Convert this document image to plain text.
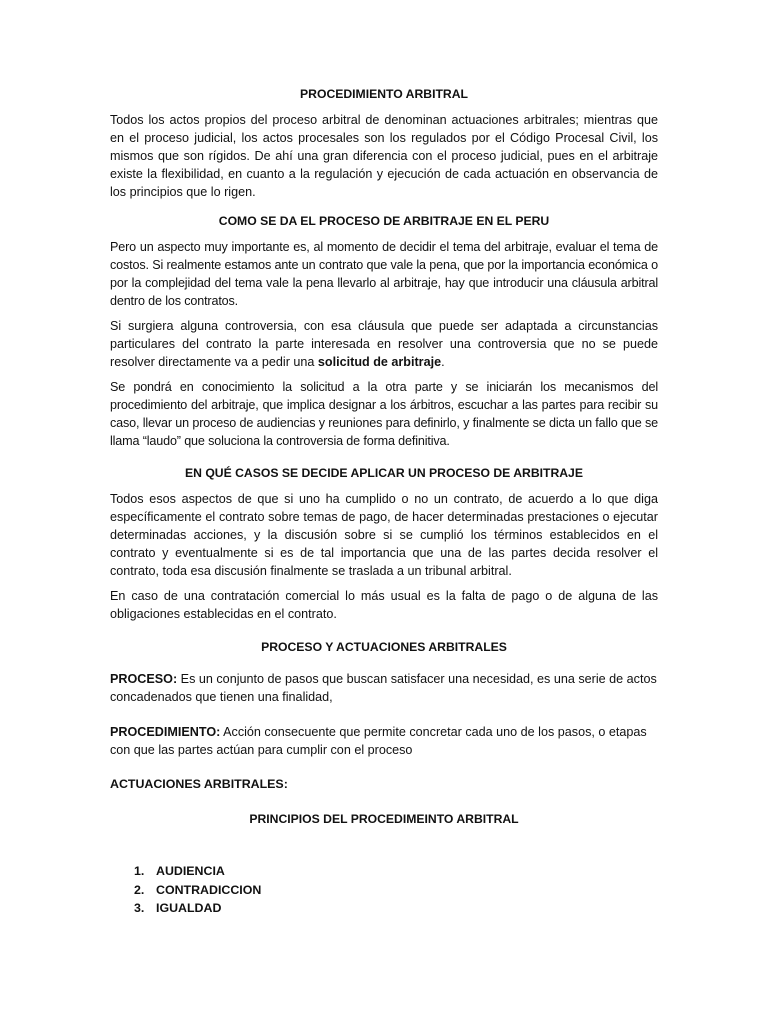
PROCEDIMIENTO ARBITRAL

Todos los actos propios del proceso arbitral de denominan actuaciones arbitrales; mientras que en el proceso judicial, los actos procesales son los regulados por el Código Procesal Civil, los mismos que son rígidos. De ahí una gran diferencia con el proceso judicial, pues en el arbitraje existe la flexibilidad, en cuanto a la regulación y ejecución de cada actuación en observancia de los principios que lo rigen.

COMO SE DA EL PROCESO DE ARBITRAJE EN EL PERU

Pero un aspecto muy importante es, al momento de decidir el tema del arbitraje, evaluar el tema de costos. Si realmente estamos ante un contrato que vale la pena, que por la importancia económica o por la complejidad del tema vale la pena llevarlo al arbitraje, hay que introducir una cláusula arbitral dentro de los contratos.

Si surgiera alguna controversia, con esa cláusula que puede ser adaptada a circunstancias particulares del contrato la parte interesada en resolver una controversia que no se puede resolver directamente va a pedir una solicitud de arbitraje.

Se pondrá en conocimiento la solicitud a la otra parte y se iniciarán los mecanismos del procedimiento del arbitraje, que implica designar a los árbitros, escuchar a las partes para recibir su caso, llevar un proceso de audiencias y reuniones para definirlo, y finalmente se dicta un fallo que se llama “laudo” que soluciona la controversia de forma definitiva.

EN QUÉ CASOS SE DECIDE APLICAR UN PROCESO DE ARBITRAJE

Todos esos aspectos de que si uno ha cumplido o no un contrato, de acuerdo a lo que diga específicamente el contrato sobre temas de pago, de hacer determinadas prestaciones o ejecutar determinadas acciones, y la discusión sobre si se cumplió los términos establecidos en el contrato y eventualmente si es de tal importancia que una de las partes decida resolver el contrato, toda esa discusión finalmente se traslada a un tribunal arbitral.

En caso de una contratación comercial lo más usual es la falta de pago o de alguna de las obligaciones establecidas en el contrato.

PROCESO Y ACTUACIONES ARBITRALES

PROCESO: Es un conjunto de pasos que buscan satisfacer una necesidad, es una serie de actos concadenados que tienen una finalidad,

PROCEDIMIENTO: Acción consecuente que permite concretar cada uno de los pasos, o etapas con que las partes actúan para cumplir con el proceso

ACTUACIONES ARBITRALES:
PRINCIPIOS DEL PROCEDIMEINTO ARBITRAL
1. AUDIENCIA
2. CONTRADICCION
3. IGUALDAD
